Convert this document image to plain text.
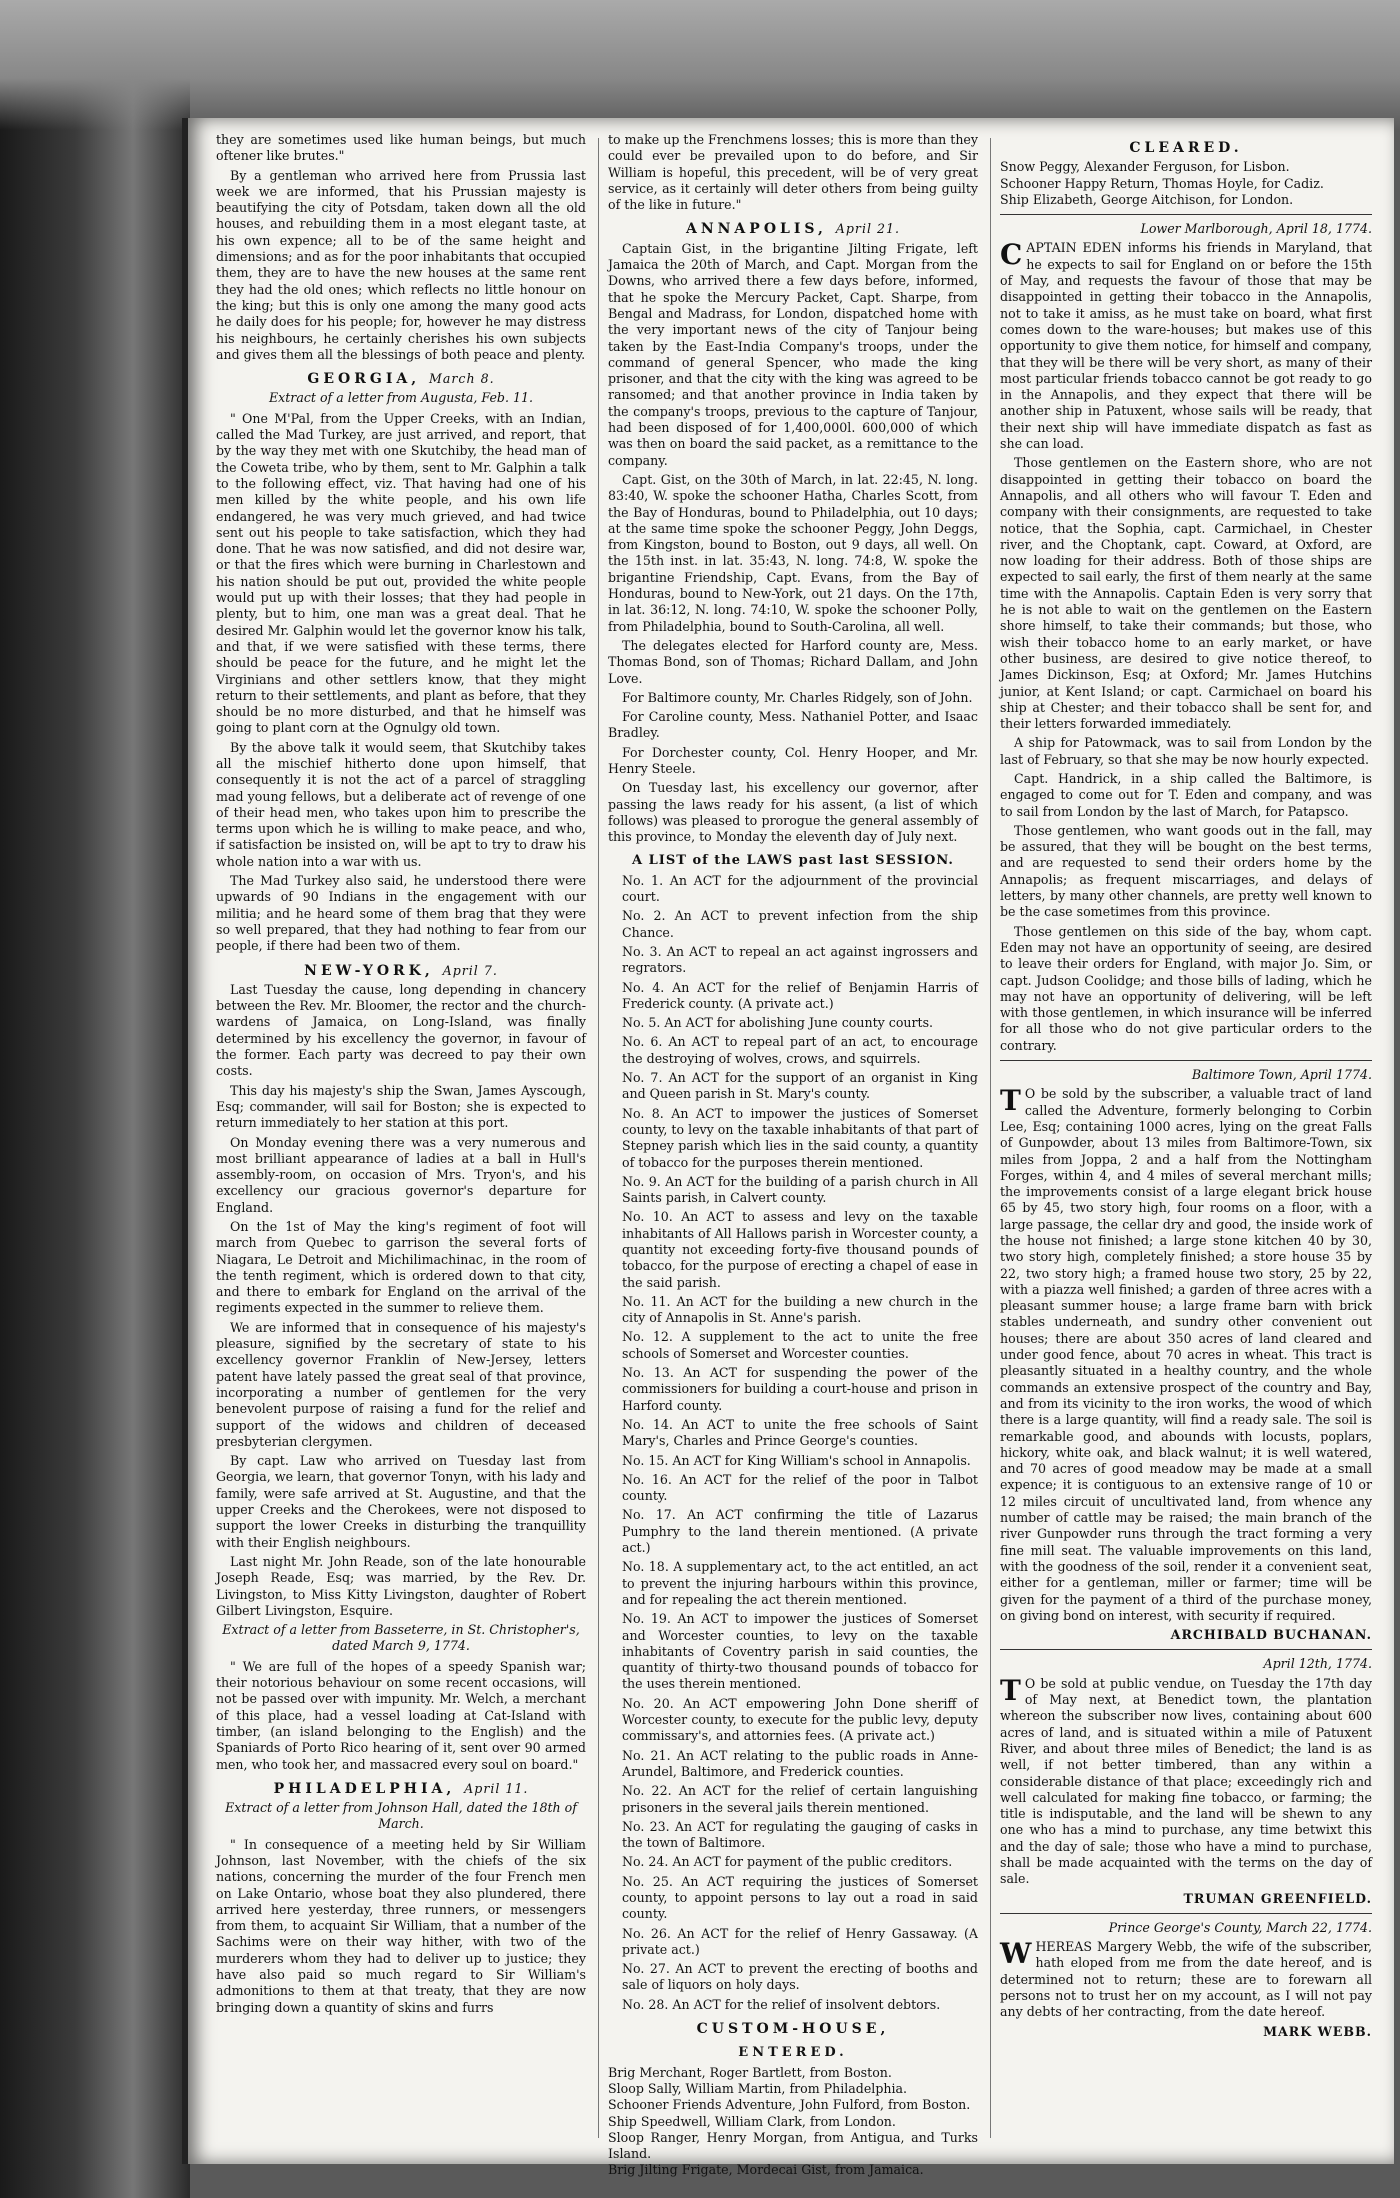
they are sometimes used like human beings, but much oftener like brutes."

By a gentleman who arrived here from Prussia last week we are informed, that his Prussian majesty is beautifying the city of Potsdam, taken down all the old houses, and rebuilding them in a most elegant taste, at his own expence; all to be of the same height and dimensions; and as for the poor inhabitants that occupied them, they are to have the new houses at the same rent they had the old ones; which reflects no little honour on the king; but this is only one among the many good acts he daily does for his people; for, however he may distress his neighbours, he certainly cherishes his own subjects and gives them all the blessings of both peace and plenty.

GEORGIA, March 8.
Extract of a letter from Augusta, Feb. 11.

" One M'Pal, from the Upper Creeks, with an Indian, called the Mad Turkey, are just arrived, and report, that by the way they met with one Skutchiby, the head man of the Coweta tribe, who by them, sent to Mr. Galphin a talk to the following effect, viz. That having had one of his men killed by the white people, and his own life endangered, he was very much grieved, and had twice sent out his people to take satisfaction, which they had done. That he was now satisfied, and did not desire war, or that the fires which were burning in Charlestown and his nation should be put out, provided the white people would put up with their losses; that they had people in plenty, but to him, one man was a great deal. That he desired Mr. Galphin would let the governor know his talk, and that, if we were satisfied with these terms, there should be peace for the future, and he might let the Virginians and other settlers know, that they might return to their settlements, and plant as before, that they should be no more disturbed, and that he himself was going to plant corn at the Ognulgy old town.

By the above talk it would seem, that Skutchiby takes all the mischief hitherto done upon himself, that consequently it is not the act of a parcel of straggling mad young fellows, but a deliberate act of revenge of one of their head men, who takes upon him to prescribe the terms upon which he is willing to make peace, and who, if satisfaction be insisted on, will be apt to try to draw his whole nation into a war with us.

The Mad Turkey also said, he understood there were upwards of 90 Indians in the engagement with our militia; and he heard some of them brag that they were so well prepared, that they had nothing to fear from our people, if there had been two of them.

NEW-YORK, April 7.

Last Tuesday the cause, long depending in chancery between the Rev. Mr. Bloomer, the rector and the church-wardens of Jamaica, on Long-Island, was finally determined by his excellency the governor, in favour of the former. Each party was decreed to pay their own costs.

This day his majesty's ship the Swan, James Ayscough, Esq; commander, will sail for Boston; she is expected to return immediately to her station at this port.

On Monday evening there was a very numerous and most brilliant appearance of ladies at a ball in Hull's assembly-room, on occasion of Mrs. Tryon's, and his excellency our gracious governor's departure for England.

On the 1st of May the king's regiment of foot will march from Quebec to garrison the several forts of Niagara, Le Detroit and Michilimachinac, in the room of the tenth regiment, which is ordered down to that city, and there to embark for England on the arrival of the regiments expected in the summer to relieve them.

We are informed that in consequence of his majesty's pleasure, signified by the secretary of state to his excellency governor Franklin of New-Jersey, letters patent have lately passed the great seal of that province, incorporating a number of gentlemen for the very benevolent purpose of raising a fund for the relief and support of the widows and children of deceased presbyterian clergymen.

By capt. Law who arrived on Tuesday last from Georgia, we learn, that governor Tonyn, with his lady and family, were safe arrived at St. Augustine, and that the upper Creeks and the Cherokees, were not disposed to support the lower Creeks in disturbing the tranquillity with their English neighbours.

Last night Mr. John Reade, son of the late honourable Joseph Reade, Esq; was married, by the Rev. Dr. Livingston, to Miss Kitty Livingston, daughter of Robert Gilbert Livingston, Esquire.

Extract of a letter from Basseterre, in St. Christopher's, dated March 9, 1774.

" We are full of the hopes of a speedy Spanish war; their notorious behaviour on some recent occasions, will not be passed over with impunity. Mr. Welch, a merchant of this place, had a vessel loading at Cat-Island with timber, (an island belonging to the English) and the Spaniards of Porto Rico hearing of it, sent over 90 armed men, who took her, and massacred every soul on board."

PHILADELPHIA, April 11.
Extract of a letter from Johnson Hall, dated the 18th of March.

" In consequence of a meeting held by Sir William Johnson, last November, with the chiefs of the six nations, concerning the murder of the four French men on Lake Ontario, whose boat they also plundered, there arrived here yesterday, three runners, or messengers from them, to acquaint Sir William, that a number of the Sachims were on their way hither, with two of the murderers whom they had to deliver up to justice; they have also paid so much regard to Sir William's admonitions to them at that treaty, that they are now bringing down a quantity of skins and furrs

to make up the Frenchmens losses; this is more than they could ever be prevailed upon to do before, and Sir William is hopeful, this precedent, will be of very great service, as it certainly will deter others from being guilty of the like in future."

ANNAPOLIS, April 21.

Captain Gist, in the brigantine Jilting Frigate, left Jamaica the 20th of March, and Capt. Morgan from the Downs, who arrived there a few days before, informed, that he spoke the Mercury Packet, Capt. Sharpe, from Bengal and Madrass, for London, dispatched home with the very important news of the city of Tanjour being taken by the East-India Company's troops, under the command of general Spencer, who made the king prisoner, and that the city with the king was agreed to be ransomed; and that another province in India taken by the company's troops, previous to the capture of Tanjour, had been disposed of for 1,400,000l. 600,000 of which was then on board the said packet, as a remittance to the company.

Capt. Gist, on the 30th of March, in lat. 22:45, N. long. 83:40, W. spoke the schooner Hatha, Charles Scott, from the Bay of Honduras, bound to Philadelphia, out 10 days; at the same time spoke the schooner Peggy, John Deggs, from Kingston, bound to Boston, out 9 days, all well. On the 15th inst. in lat. 35:43, N. long. 74:8, W. spoke the brigantine Friendship, Capt. Evans, from the Bay of Honduras, bound to New-York, out 21 days. On the 17th, in lat. 36:12, N. long. 74:10, W. spoke the schooner Polly, from Philadelphia, bound to South-Carolina, all well.

The delegates elected for Harford county are, Mess. Thomas Bond, son of Thomas; Richard Dallam, and John Love.

For Baltimore county, Mr. Charles Ridgely, son of John.

For Caroline county, Mess. Nathaniel Potter, and Isaac Bradley.

For Dorchester county, Col. Henry Hooper, and Mr. Henry Steele.

On Tuesday last, his excellency our governor, after passing the laws ready for his assent, (a list of which follows) was pleased to prorogue the general assembly of this province, to Monday the eleventh day of July next.

A LIST of the LAWS past last SESSION.

No. 1. An ACT for the adjournment of the provincial court.

No. 2. An ACT to prevent infection from the ship Chance.

No. 3. An ACT to repeal an act against ingrossers and regrators.

No. 4. An ACT for the relief of Benjamin Harris of Frederick county. (A private act.)

No. 5. An ACT for abolishing June county courts.

No. 6. An ACT to repeal part of an act, to encourage the destroying of wolves, crows, and squirrels.

No. 7. An ACT for the support of an organist in King and Queen parish in St. Mary's county.

No. 8. An ACT to impower the justices of Somerset county, to levy on the taxable inhabitants of that part of Stepney parish which lies in the said county, a quantity of tobacco for the purposes therein mentioned.

No. 9. An ACT for the building of a parish church in All Saints parish, in Calvert county.

No. 10. An ACT to assess and levy on the taxable inhabitants of All Hallows parish in Worcester county, a quantity not exceeding forty-five thousand pounds of tobacco, for the purpose of erecting a chapel of ease in the said parish.

No. 11. An ACT for the building a new church in the city of Annapolis in St. Anne's parish.

No. 12. A supplement to the act to unite the free schools of Somerset and Worcester counties.

No. 13. An ACT for suspending the power of the commissioners for building a court-house and prison in Harford county.

No. 14. An ACT to unite the free schools of Saint Mary's, Charles and Prince George's counties.

No. 15. An ACT for King William's school in Annapolis.

No. 16. An ACT for the relief of the poor in Talbot county.

No. 17. An ACT confirming the title of Lazarus Pumphry to the land therein mentioned. (A private act.)

No. 18. A supplementary act, to the act entitled, an act to prevent the injuring harbours within this province, and for repealing the act therein mentioned.

No. 19. An ACT to impower the justices of Somerset and Worcester counties, to levy on the taxable inhabitants of Coventry parish in said counties, the quantity of thirty-two thousand pounds of tobacco for the uses therein mentioned.

No. 20. An ACT empowering John Done sheriff of Worcester county, to execute for the public levy, deputy commissary's, and attornies fees. (A private act.)

No. 21. An ACT relating to the public roads in Anne-Arundel, Baltimore, and Frederick counties.

No. 22. An ACT for the relief of certain languishing prisoners in the several jails therein mentioned.

No. 23. An ACT for regulating the gauging of casks in the town of Baltimore.

No. 24. An ACT for payment of the public creditors.

No. 25. An ACT requiring the justices of Somerset county, to appoint persons to lay out a road in said county.

No. 26. An ACT for the relief of Henry Gassaway. (A private act.)

No. 27. An ACT to prevent the erecting of booths and sale of liquors on holy days.

No. 28. An ACT for the relief of insolvent debtors.

CUSTOM-HOUSE,
ENTERED.

Brig Merchant, Roger Bartlett, from Boston.

Sloop Sally, William Martin, from Philadelphia.

Schooner Friends Adventure, John Fulford, from Boston.

Ship Speedwell, William Clark, from London.

Sloop Ranger, Henry Morgan, from Antigua, and Turks Island.

Brig Jilting Frigate, Mordecai Gist, from Jamaica.

CLEARED.

Snow Peggy, Alexander Ferguson, for Lisbon.

Schooner Happy Return, Thomas Hoyle, for Cadiz.

Ship Elizabeth, George Aitchison, for London.

Lower Marlborough, April 18, 1774.

CAPTAIN EDEN informs his friends in Maryland, that he expects to sail for England on or before the 15th of May, and requests the favour of those that may be disappointed in getting their tobacco in the Annapolis, not to take it amiss, as he must take on board, what first comes down to the ware-houses; but makes use of this opportunity to give them notice, for himself and company, that they will be there will be very short, as many of their most particular friends tobacco cannot be got ready to go in the Annapolis, and they expect that there will be another ship in Patuxent, whose sails will be ready, that their next ship will have immediate dispatch as fast as she can load.

Those gentlemen on the Eastern shore, who are not disappointed in getting their tobacco on board the Annapolis, and all others who will favour T. Eden and company with their consignments, are requested to take notice, that the Sophia, capt. Carmichael, in Chester river, and the Choptank, capt. Coward, at Oxford, are now loading for their address. Both of those ships are expected to sail early, the first of them nearly at the same time with the Annapolis. Captain Eden is very sorry that he is not able to wait on the gentlemen on the Eastern shore himself, to take their commands; but those, who wish their tobacco home to an early market, or have other business, are desired to give notice thereof, to James Dickinson, Esq; at Oxford; Mr. James Hutchins junior, at Kent Island; or capt. Carmichael on board his ship at Chester; and their tobacco shall be sent for, and their letters forwarded immediately.

A ship for Patowmack, was to sail from London by the last of February, so that she may be now hourly expected.

Capt. Handrick, in a ship called the Baltimore, is engaged to come out for T. Eden and company, and was to sail from London by the last of March, for Patapsco.

Those gentlemen, who want goods out in the fall, may be assured, that they will be bought on the best terms, and are requested to send their orders home by the Annapolis; as frequent miscarriages, and delays of letters, by many other channels, are pretty well known to be the case sometimes from this province.

Those gentlemen on this side of the bay, whom capt. Eden may not have an opportunity of seeing, are desired to leave their orders for England, with major Jo. Sim, or capt. Judson Coolidge; and those bills of lading, which he may not have an opportunity of delivering, will be left with those gentlemen, in which insurance will be inferred for all those who do not give particular orders to the contrary.

Baltimore Town, April 1774.

T O be sold by the subscriber, a valuable tract of land called the Adventure, formerly belonging to Corbin Lee, Esq; containing 1000 acres, lying on the great Falls of Gunpowder, about 13 miles from Baltimore-Town, six miles from Joppa, 2 and a half from the Nottingham Forges, within 4, and 4 miles of several merchant mills; the improvements consist of a large elegant brick house 65 by 45, two story high, four rooms on a floor, with a large passage, the cellar dry and good, the inside work of the house not finished; a large stone kitchen 40 by 30, two story high, completely finished; a store house 35 by 22, two story high; a framed house two story, 25 by 22, with a piazza well finished; a garden of three acres with a pleasant summer house; a large frame barn with brick stables underneath, and sundry other convenient out houses; there are about 350 acres of land cleared and under good fence, about 70 acres in wheat. This tract is pleasantly situated in a healthy country, and the whole commands an extensive prospect of the country and Bay, and from its vicinity to the iron works, the wood of which there is a large quantity, will find a ready sale. The soil is remarkable good, and abounds with locusts, poplars, hickory, white oak, and black walnut; it is well watered, and 70 acres of good meadow may be made at a small expence; it is contiguous to an extensive range of 10 or 12 miles circuit of uncultivated land, from whence any number of cattle may be raised; the main branch of the river Gunpowder runs through the tract forming a very fine mill seat. The valuable improvements on this land, with the goodness of the soil, render it a convenient seat, either for a gentleman, miller or farmer; time will be given for the payment of a third of the purchase money, on giving bond on interest, with security if required.

ARCHIBALD BUCHANAN.

April 12th, 1774.

T O be sold at public vendue, on Tuesday the 17th day of May next, at Benedict town, the plantation whereon the subscriber now lives, containing about 600 acres of land, and is situated within a mile of Patuxent River, and about three miles of Benedict; the land is as well, if not better timbered, than any within a considerable distance of that place; exceedingly rich and well calculated for making fine tobacco, or farming; the title is indisputable, and the land will be shewn to any one who has a mind to purchase, any time betwixt this and the day of sale; those who have a mind to purchase, shall be made acquainted with the terms on the day of sale.

TRUMAN GREENFIELD.

Prince George's County, March 22, 1774.

WHEREAS Margery Webb, the wife of the subscriber, hath eloped from me from the date hereof, and is determined not to return; these are to forewarn all persons not to trust her on my account, as I will not pay any debts of her contracting, from the date hereof.

MARK WEBB.
